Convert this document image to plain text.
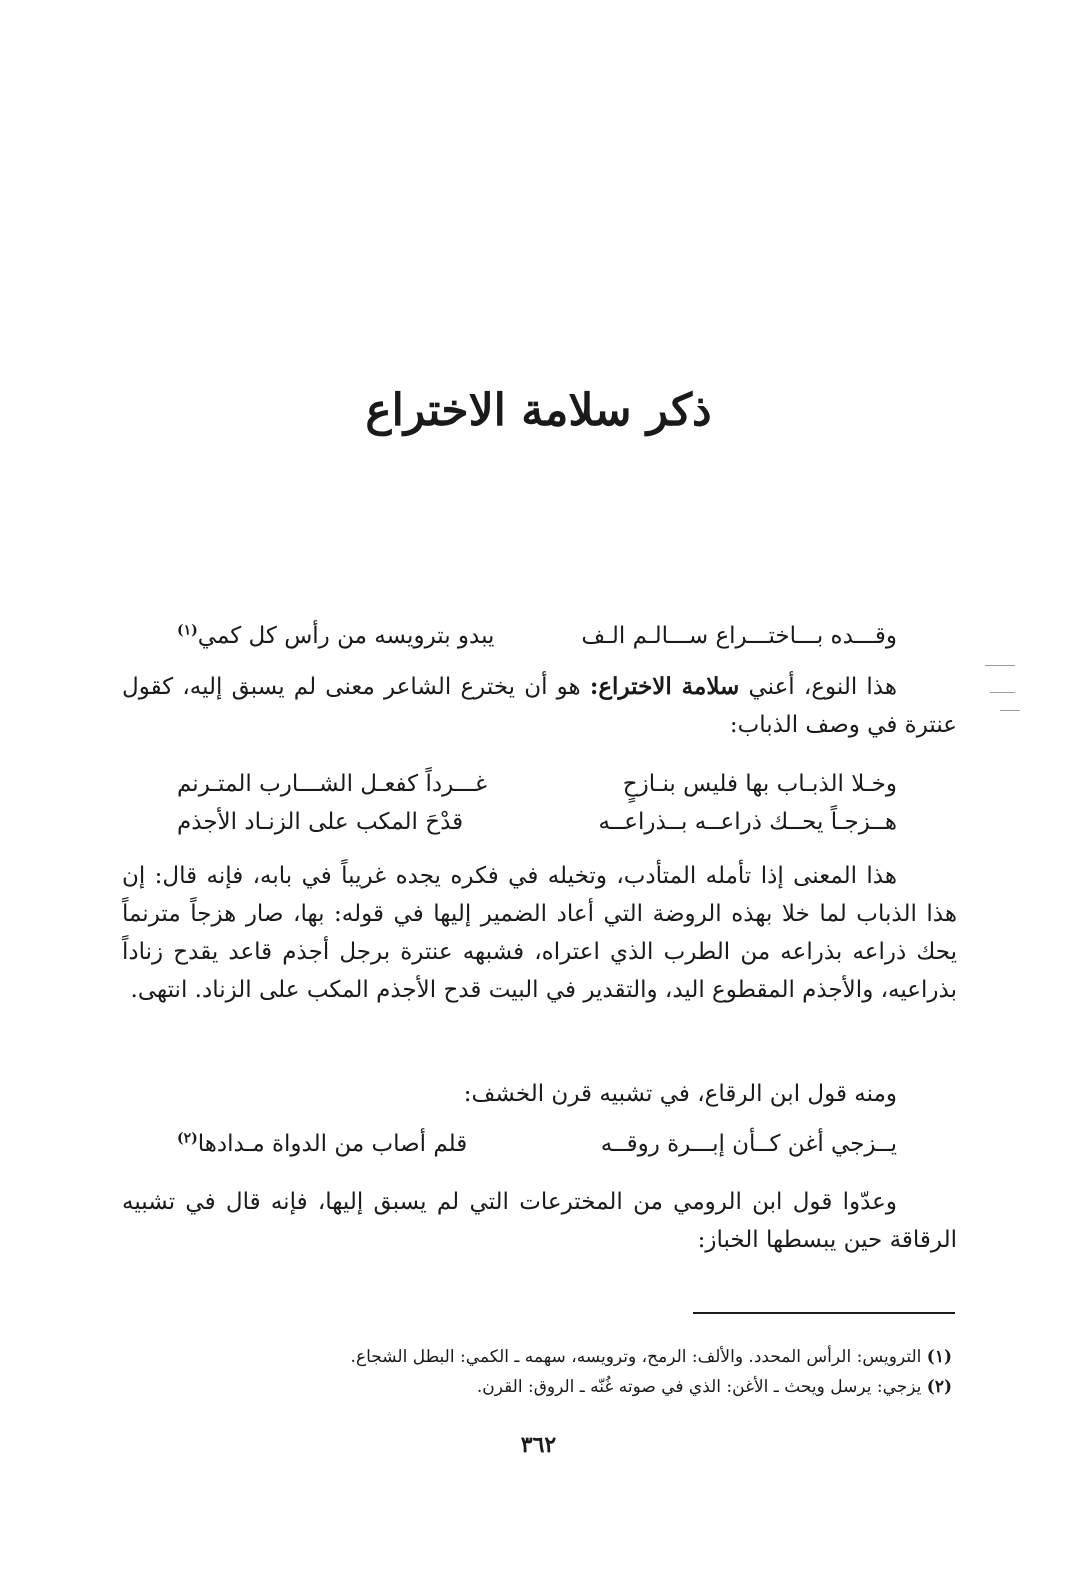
ذكر سلامة الاختراع
وقـــده بـــاختـــراع ســـالـم الـف
يبدو بترويسه من رأس كل كمي$^{(١)}$
هذا النوع، أعني سلامة الاختراع: هو أن يخترع الشاعر معنى لم يسبق إليه، كقول عنترة في وصف الذباب:
وخـلا الذبـاب بها فليس بنـازحٍ
غـــرداً كفعـل الشـــارب المتـرنم
هــزجـاً يحــك ذراعــه بــذراعــه
قدْحَ المكب على الزنـاد الأجذم
هذا المعنى إذا تأمله المتأدب، وتخيله في فكره يجده غريباً في بابه، فإنه قال: إن هذا الذباب لما خلا بهذه الروضة التي أعاد الضمير إليها في قوله: بها، صار هزجاً مترنماً يحك ذراعه بذراعه من الطرب الذي اعتراه، فشبهه عنترة برجل أجذم قاعد يقدح زناداً بذراعيه، والأجذم المقطوع اليد، والتقدير في البيت قدح الأجذم المكب على الزناد. انتهى.
ومنه قول ابن الرقاع، في تشبيه قرن الخشف:
يــزجي أغن كــأن إبـــرة روقــه
قلم أصاب من الدواة مـدادها$^{(٢)}$
وعدّوا قول ابن الرومي من المخترعات التي لم يسبق إليها، فإنه قال في تشبيه الرقاقة حين يبسطها الخباز:
(١) الترويس: الرأس المحدد. والألف: الرمح، وترويسه، سهمه ـ الكمي: البطل الشجاع.
(٢) يزجي: يرسل ويحث ـ الأغن: الذي في صوته غُنّه ـ الروق: القرن.
٣٦٢
